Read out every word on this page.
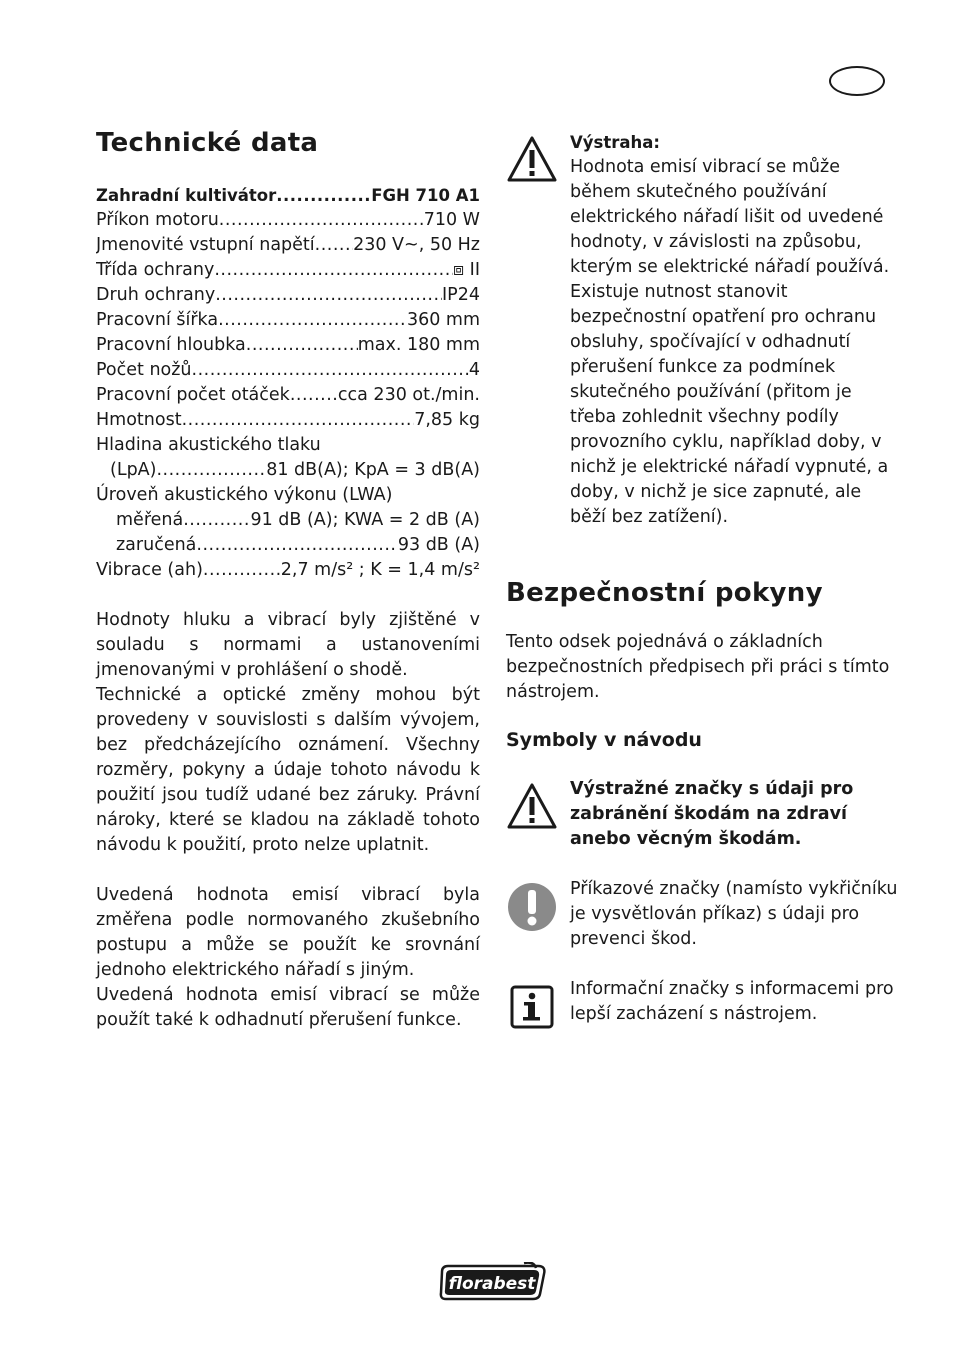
Technické data
Zahradní kultivátor .....	FGH 710 A1
Příkon motoru .....	710 W
Jmenovité vstupní napětí ..... 230 V~, 50 Hz
Třída ochrany .....	⧈ II
Druh ochrany .....	IP24
Pracovní šířka .....	360 mm
Pracovní hloubka .....	max. 180 mm
Počet nožů .....	4
Pracovní počet otáček .....	cca 230 ot./min.
Hmotnost .....	7,85 kg
Hladina akustického tlaku
(LpA) .....	81 dB(A); KpA = 3 dB(A)
Úroveň akustického výkonu (LWA)
měřená .....	91 dB (A); KWA = 2 dB (A)
zaručená .....	93 dB (A)
Vibrace (ah) .....	2,7 m/s² ; K = 1,4 m/s²

Hodnoty hluku a vibrací byly zjištěné v souladu s normami a ustanoveními jmenovanými v prohlášení o shodě.

Technické a optické změny mohou být provedeny v souvislosti s dalším vývojem, bez předcházejícího oznámení. Všechny rozměry, pokyny a údaje tohoto návodu k použití jsou tudíž udané bez záruky. Právní nároky, které se kladou na základě tohoto návodu k použití, proto nelze uplatnit.

Uvedená hodnota emisí vibrací byla změřena podle normovaného zkušebního postupu a může se použít ke srovnání jednoho elektrického nářadí s jiným.

Uvedená hodnota emisí vibrací se může použít také k odhadnutí přerušení funkce.

Výstraha:
Hodnota emisí vibrací se může během skutečného používání elektrického nářadí lišit od uvedené hodnoty, v závislosti na způsobu, kterým se elektrické nářadí používá. Existuje nutnost stanovit bezpečnostní opatření pro ochranu obsluhy, spočívající v odhadnutí přerušení funkce za podmínek skutečného používání (přitom je třeba zohlednit všechny podíly provozního cyklu, například doby, v nichž je elektrické nářadí vypnuté, a doby, v nichž je sice zapnuté, ale běží bez zatížení).
Bezpečnostní pokyny
Tento odsek pojednává o základních bezpečnostních předpisech při práci s tímto nástrojem.
Symboly v návodu
Výstražné značky s údaji pro zabránění škodám na zdraví anebo věcným škodám.
Příkazové značky (namísto vykřičníku je vysvětlován příkaz) s údaji pro prevenci škod.
Informační značky s informacemi pro lepší zacházení s nástrojem.
florabest
